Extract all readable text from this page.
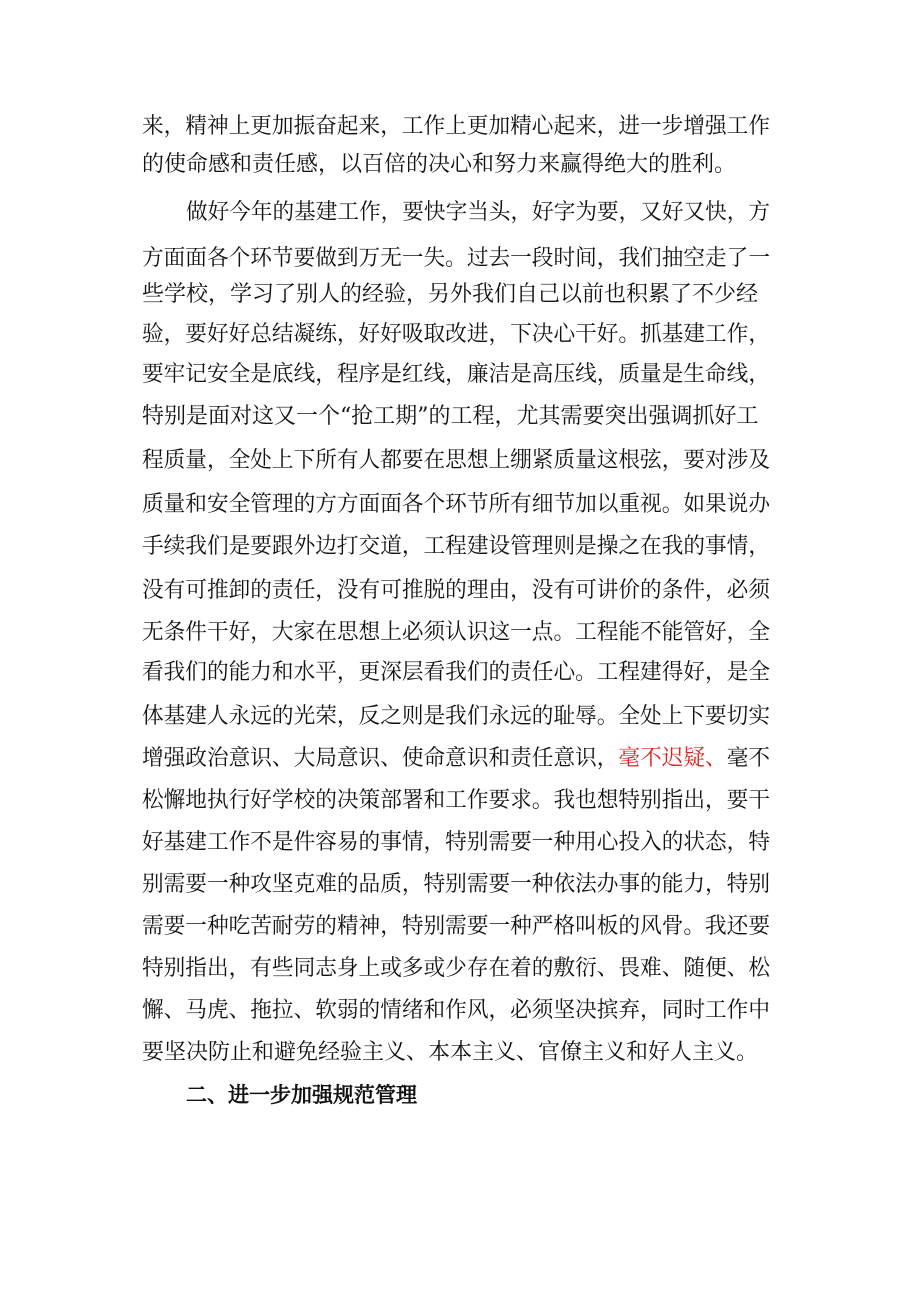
来，精神上更加振奋起来，工作上更加精心起来，进一步增强工作
的使命感和责任感，以百倍的决心和努力来赢得绝大的胜利。
做好今年的基建工作，要快字当头，好字为要，又好又快，方
方面面各个环节要做到万无一失。过去一段时间，我们抽空走了一
些学校，学习了别人的经验，另外我们自己以前也积累了不少经
验，要好好总结凝练，好好吸取改进，下决心干好。抓基建工作，
要牢记安全是底线，程序是红线，廉洁是高压线，质量是生命线，
特别是面对这又一个“抢工期”的工程，尤其需要突出强调抓好工
程质量，全处上下所有人都要在思想上绷紧质量这根弦，要对涉及
质量和安全管理的方方面面各个环节所有细节加以重视。如果说办
手续我们是要跟外边打交道，工程建设管理则是操之在我的事情，
没有可推卸的责任，没有可推脱的理由，没有可讲价的条件，必须
无条件干好，大家在思想上必须认识这一点。工程能不能管好，全
看我们的能力和水平，更深层看我们的责任心。工程建得好，是全
体基建人永远的光荣，反之则是我们永远的耻辱。全处上下要切实
增强政治意识、大局意识、使命意识和责任意识，毫不迟疑、毫不
松懈地执行好学校的决策部署和工作要求。我也想特别指出，要干
好基建工作不是件容易的事情，特别需要一种用心投入的状态，特
别需要一种攻坚克难的品质，特别需要一种依法办事的能力，特别
需要一种吃苦耐劳的精神，特别需要一种严格叫板的风骨。我还要
特别指出，有些同志身上或多或少存在着的敷衍、畏难、随便、松
懈、马虎、拖拉、软弱的情绪和作风，必须坚决摈弃，同时工作中
要坚决防止和避免经验主义、本本主义、官僚主义和好人主义。
二、进一步加强规范管理
